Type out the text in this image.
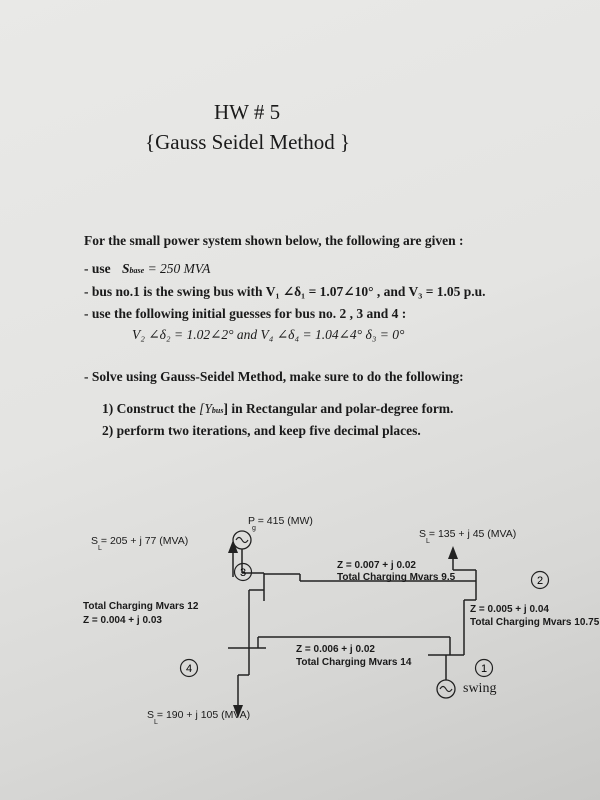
HW # 5
{Gauss Seidel Method }
For the small power system shown below, the following are given :
- use Sbase = 250 MVA
- bus no.1 is the swing bus with V₁ ∠δ₁ = 1.07∠10° , and V₃ = 1.05 p.u.
- use the following initial guesses for bus no. 2 , 3 and 4 :
V₂ ∠δ₂ = 1.02∠2° and V₄ ∠δ₄ = 1.04∠4° δ₃ = 0°
- Solve using Gauss-Seidel Method, make sure to do the following:
1) Construct the [Ybus] in Rectangular and polar-degree form.
2) perform two iterations, and keep five decimal places.
3
2
4	1
P = 415 (MW)
g
S = 205 + j 77 (MVA)
L
S = 135 + j 45 (MVA)
L
S = 190 + j 105 (MVA)
L
Z = 0.007 + j 0.02
Total Charging Mvars 9.5
Total Charging Mvars 12
Z = 0.004 + j 0.03
Z = 0.005 + j 0.04
Total Charging Mvars 10.75
Z = 0.006 + j 0.02
Total Charging Mvars 14
swing
